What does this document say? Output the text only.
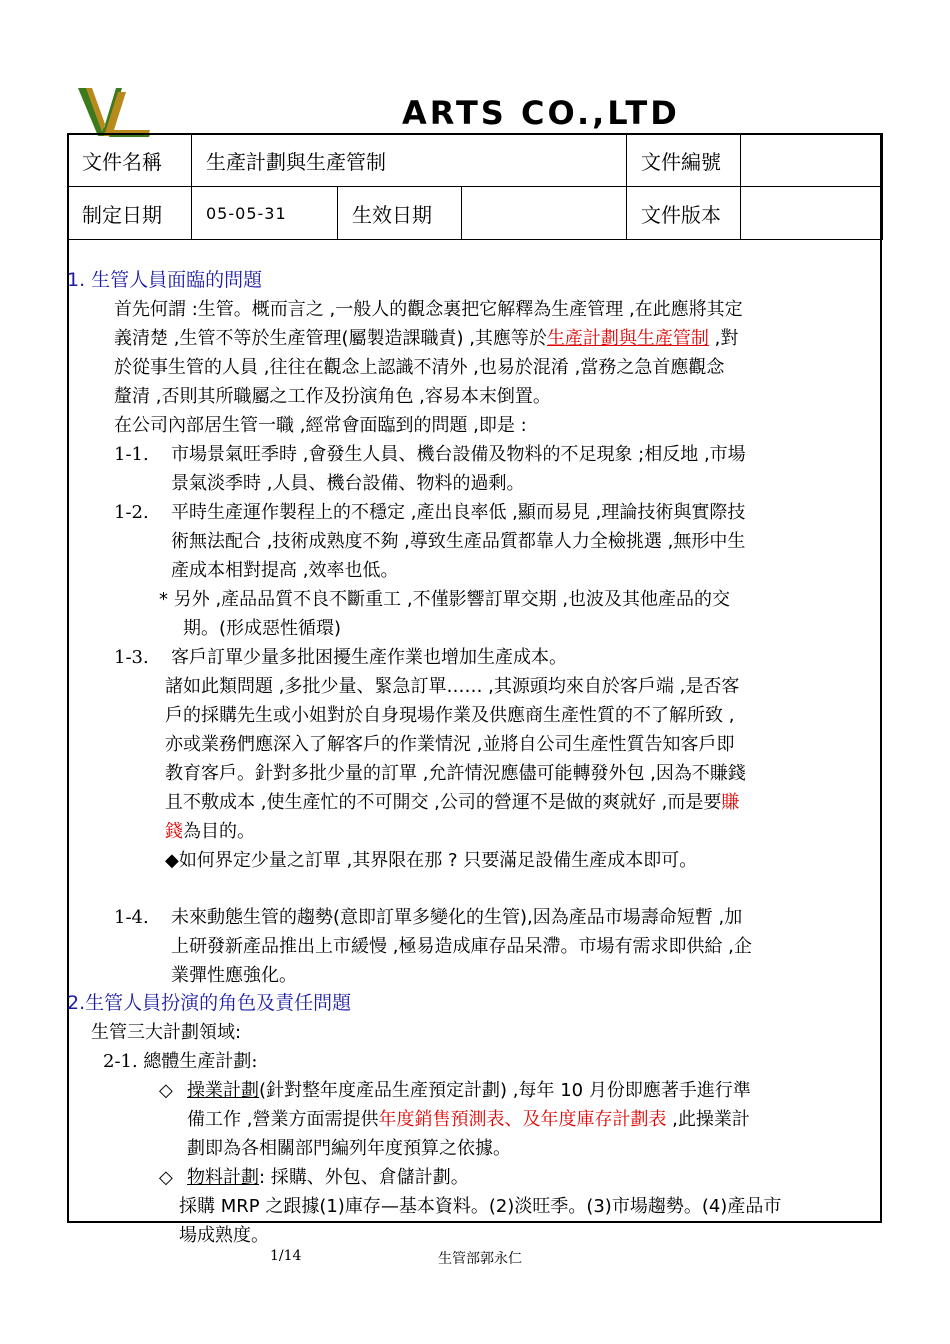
ARTS CO.,LTD
文件名稱	生產計劃與生產管制			文件編號	
制定日期	05-05-31	生效日期		文件版本	
1. 生管人員面臨的問題
首先何謂 :生管。概而言之 ,一般人的觀念裏把它解釋為生產管理 ,在此應將其定
義清楚 ,生管不等於生產管理(屬製造課職責) ,其應等於生產計劃與生產管制 ,對
於從事生管的人員 ,往往在觀念上認識不清外 ,也易於混淆 ,當務之急首應觀念
釐清 ,否則其所職屬之工作及扮演角色 ,容易本末倒置。
在公司內部居生管一職 ,經常會面臨到的問題 ,即是 :
1-1. 市場景氣旺季時 ,會發生人員、機台設備及物料的不足現象 ;相反地 ,市場
景氣淡季時 ,人員、機台設備、物料的過剩。
1-2. 平時生產運作製程上的不穩定 ,產出良率低 ,顯而易見 ,理論技術與實際技
術無法配合 ,技術成熟度不夠 ,導致生產品質都靠人力全檢挑選 ,無形中生
產成本相對提高 ,效率也低。
* 另外 ,產品品質不良不斷重工 ,不僅影響訂單交期 ,也波及其他產品的交
期。(形成惡性循環)
1-3. 客戶訂單少量多批困擾生產作業也增加生產成本。
諸如此類問題 ,多批少量、緊急訂單…… ,其源頭均來自於客戶端 ,是否客
戶的採購先生或小姐對於自身現場作業及供應商生產性質的不了解所致 ,
亦或業務們應深入了解客戶的作業情況 ,並將自公司生產性質告知客戶即
教育客戶。針對多批少量的訂單 ,允許情況應儘可能轉發外包 ,因為不賺錢
且不敷成本 ,使生產忙的不可開交 ,公司的營運不是做的爽就好 ,而是要賺
錢為目的。
◆如何界定少量之訂單 ,其界限在那 ? 只要滿足設備生產成本即可。
1-4. 未來動態生管的趨勢(意即訂單多變化的生管),因為產品市場壽命短暫 ,加
上研發新產品推出上市緩慢 ,極易造成庫存品呆滯。市場有需求即供給 ,企
業彈性應強化。
2.生管人員扮演的角色及責任問題
生管三大計劃領域:
2-1. 總體生產計劃:
◇ 操業計劃(針對整年度產品生產預定計劃) ,每年 10 月份即應著手進行準
備工作 ,營業方面需提供年度銷售預測表、及年度庫存計劃表 ,此操業計
劃即為各相關部門編列年度預算之依據。
◇ 物料計劃: 採購、外包、倉儲計劃。
採購 MRP 之跟據(1)庫存—基本資料。(2)淡旺季。(3)市場趨勢。(4)產品市
場成熟度。
1/14	生管部郭永仁
